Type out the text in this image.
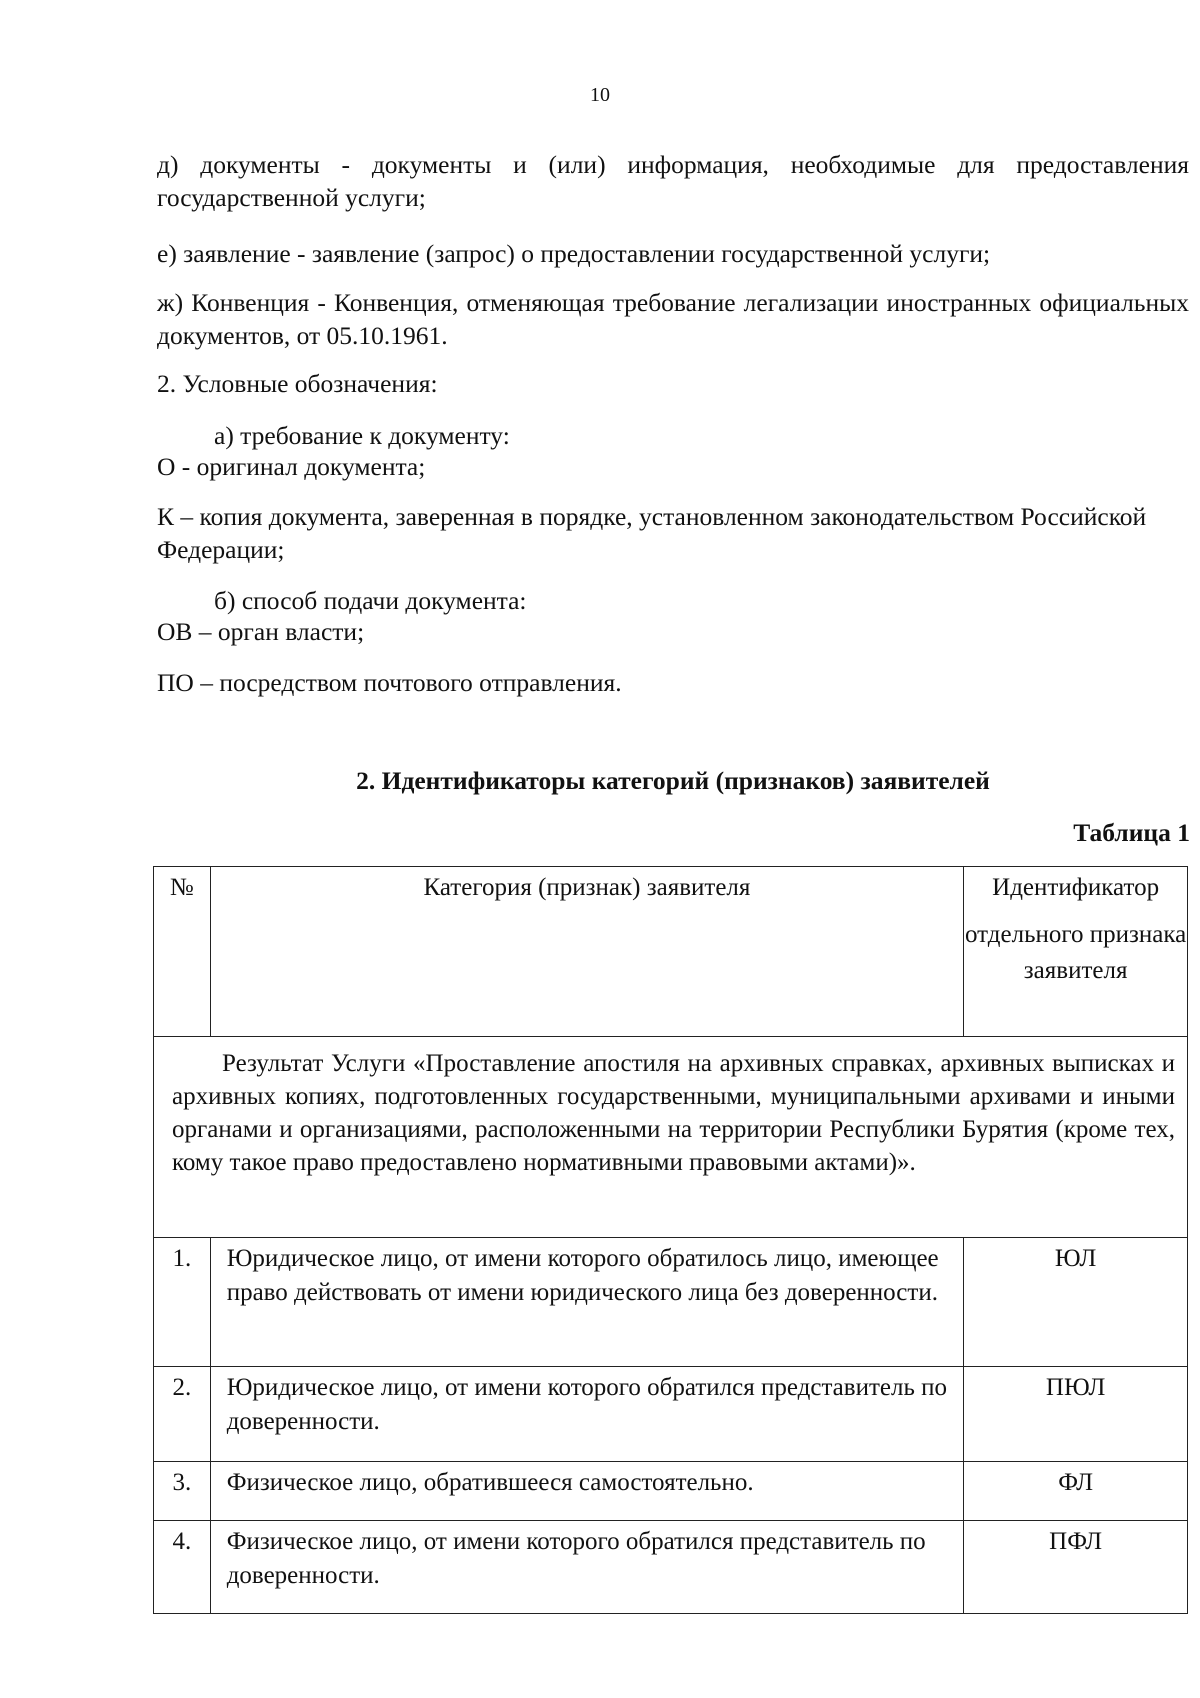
10

д) документы - документы и (или) информация, необходимые для предоставления государственной услуги;

е) заявление - заявление (запрос) о предоставлении государственной услуги;

ж) Конвенция - Конвенция, отменяющая требование легализации иностранных официальных документов, от 05.10.1961.

2. Условные обозначения:

а) требование к документу:

О - оригинал документа;

К – копия документа, заверенная в порядке, установленном законодательством Российской Федерации;

б) способ подачи документа:

ОВ – орган власти;

ПО – посредством почтового отправления.

2. Идентификаторы категорий (признаков) заявителей
Таблица 1
№	Категория (признак) заявителя	Идентификатор
отдельного признака заявителя

Результат Услуги «Проставление апостиля на архивных справках, архивных выписках и архивных копиях, подготовленных государственными, муниципальными архивами и иными органами и организациями, расположенными на территории Республики Бурятия (кроме тех, кому такое право предоставлено нормативными правовыми актами)».		
1.	Юридическое лицо, от имени которого обратилось лицо, имеющее право действовать от имени юридического лица без доверенности.	ЮЛ
2.	Юридическое лицо, от имени которого обратился представитель по доверенности.	ПЮЛ
3.	Физическое лицо, обратившееся самостоятельно.	ФЛ
4.	Физическое лицо, от имени которого обратился представитель по доверенности.	ПФЛ
